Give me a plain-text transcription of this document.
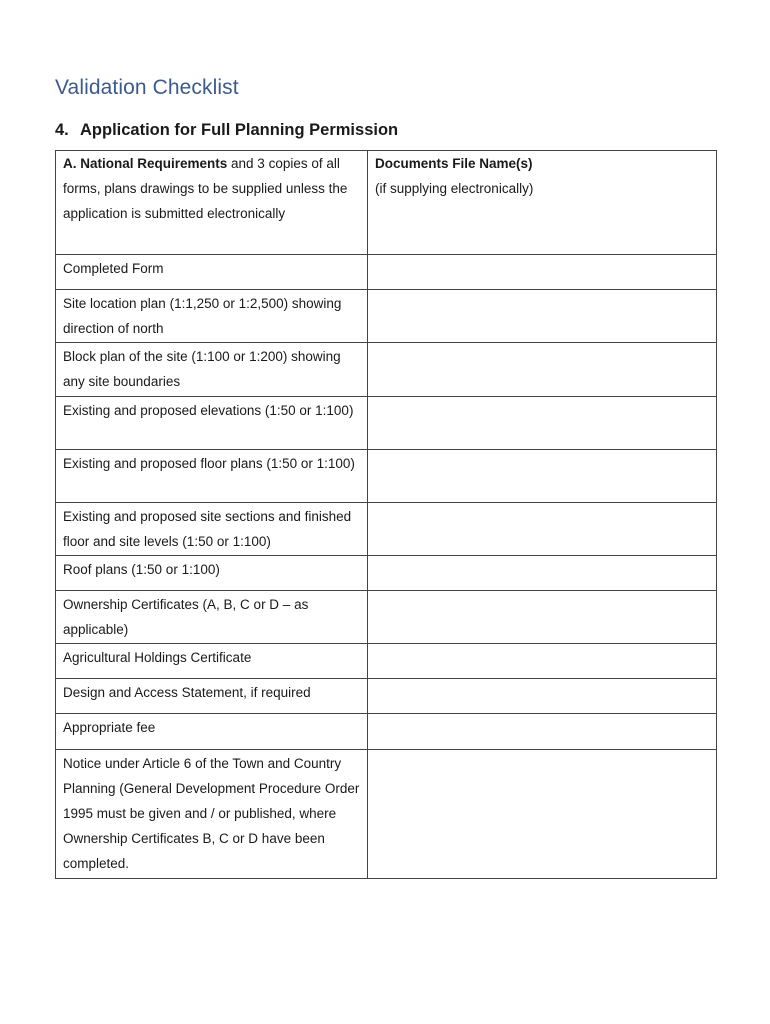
Validation Checklist
4. Application for Full Planning Permission
A. National Requirements and 3 copies of all forms, plans drawings to be supplied unless the application is submitted electronically	Documents File Name(s)
(if supplying electronically)

Completed Form	
Site location plan (1:1,250 or 1:2,500) showing direction of north	
Block plan of the site (1:100 or 1:200) showing any site boundaries	
Existing and proposed elevations (1:50 or 1:100)	
Existing and proposed floor plans (1:50 or 1:100)	
Existing and proposed site sections and finished floor and site levels (1:50 or 1:100)	
Roof plans (1:50 or 1:100)	
Ownership Certificates (A, B, C or D – as applicable)	
Agricultural Holdings Certificate	
Design and Access Statement, if required	
Appropriate fee	
Notice under Article 6 of the Town and Country Planning (General Development Procedure Order 1995 must be given and / or published, where Ownership Certificates B, C or D have been completed.	
